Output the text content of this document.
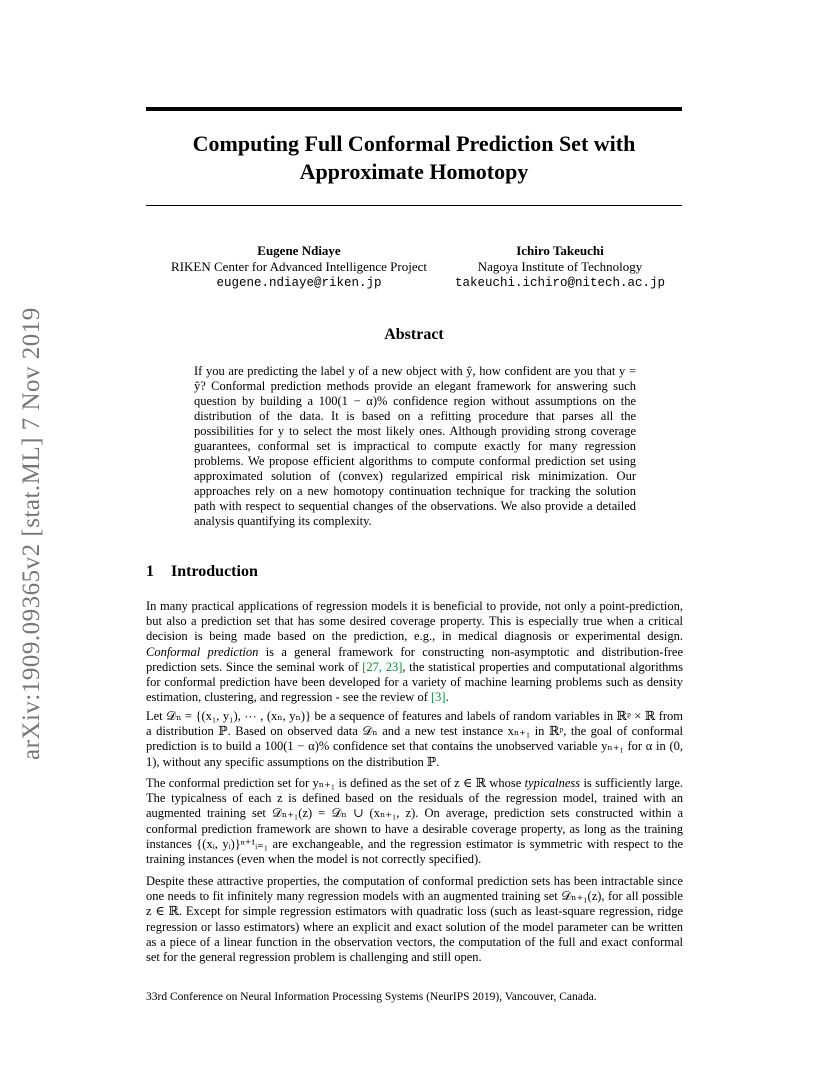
arXiv:1909.09365v2 [stat.ML] 7 Nov 2019
Computing Full Conformal Prediction Set with Approximate Homotopy
Eugene Ndiaye
RIKEN Center for Advanced Intelligence Project
eugene.ndiaye@riken.jp
Ichiro Takeuchi
Nagoya Institute of Technology
takeuchi.ichiro@nitech.ac.jp
Abstract
If you are predicting the label y of a new object with ŷ, how confident are you that y = ŷ? Conformal prediction methods provide an elegant framework for answering such question by building a 100(1 − α)% confidence region without assumptions on the distribution of the data. It is based on a refitting procedure that parses all the possibilities for y to select the most likely ones. Although providing strong coverage guarantees, conformal set is impractical to compute exactly for many regression problems. We propose efficient algorithms to compute conformal prediction set using approximated solution of (convex) regularized empirical risk minimization. Our approaches rely on a new homotopy continuation technique for tracking the solution path with respect to sequential changes of the observations. We also provide a detailed analysis quantifying its complexity.
1 Introduction
In many practical applications of regression models it is beneficial to provide, not only a point-prediction, but also a prediction set that has some desired coverage property. This is especially true when a critical decision is being made based on the prediction, e.g., in medical diagnosis or experimental design. Conformal prediction is a general framework for constructing non-asymptotic and distribution-free prediction sets. Since the seminal work of [27, 23], the statistical properties and computational algorithms for conformal prediction have been developed for a variety of machine learning problems such as density estimation, clustering, and regression - see the review of [3].
Let 𝒟ₙ = {(x₁, y₁), ⋯ , (xₙ, yₙ)} be a sequence of features and labels of random variables in ℝᵖ × ℝ from a distribution ℙ. Based on observed data 𝒟ₙ and a new test instance xₙ₊₁ in ℝᵖ, the goal of conformal prediction is to build a 100(1 − α)% confidence set that contains the unobserved variable yₙ₊₁ for α in (0, 1), without any specific assumptions on the distribution ℙ.
The conformal prediction set for yₙ₊₁ is defined as the set of z ∈ ℝ whose typicalness is sufficiently large. The typicalness of each z is defined based on the residuals of the regression model, trained with an augmented training set 𝒟ₙ₊₁(z) = 𝒟ₙ ∪ (xₙ₊₁, z). On average, prediction sets constructed within a conformal prediction framework are shown to have a desirable coverage property, as long as the training instances {(xᵢ, yᵢ)}ⁿ⁺¹ᵢ₌₁ are exchangeable, and the regression estimator is symmetric with respect to the training instances (even when the model is not correctly specified).
Despite these attractive properties, the computation of conformal prediction sets has been intractable since one needs to fit infinitely many regression models with an augmented training set 𝒟ₙ₊₁(z), for all possible z ∈ ℝ. Except for simple regression estimators with quadratic loss (such as least-square regression, ridge regression or lasso estimators) where an explicit and exact solution of the model parameter can be written as a piece of a linear function in the observation vectors, the computation of the full and exact conformal set for the general regression problem is challenging and still open.
33rd Conference on Neural Information Processing Systems (NeurIPS 2019), Vancouver, Canada.
